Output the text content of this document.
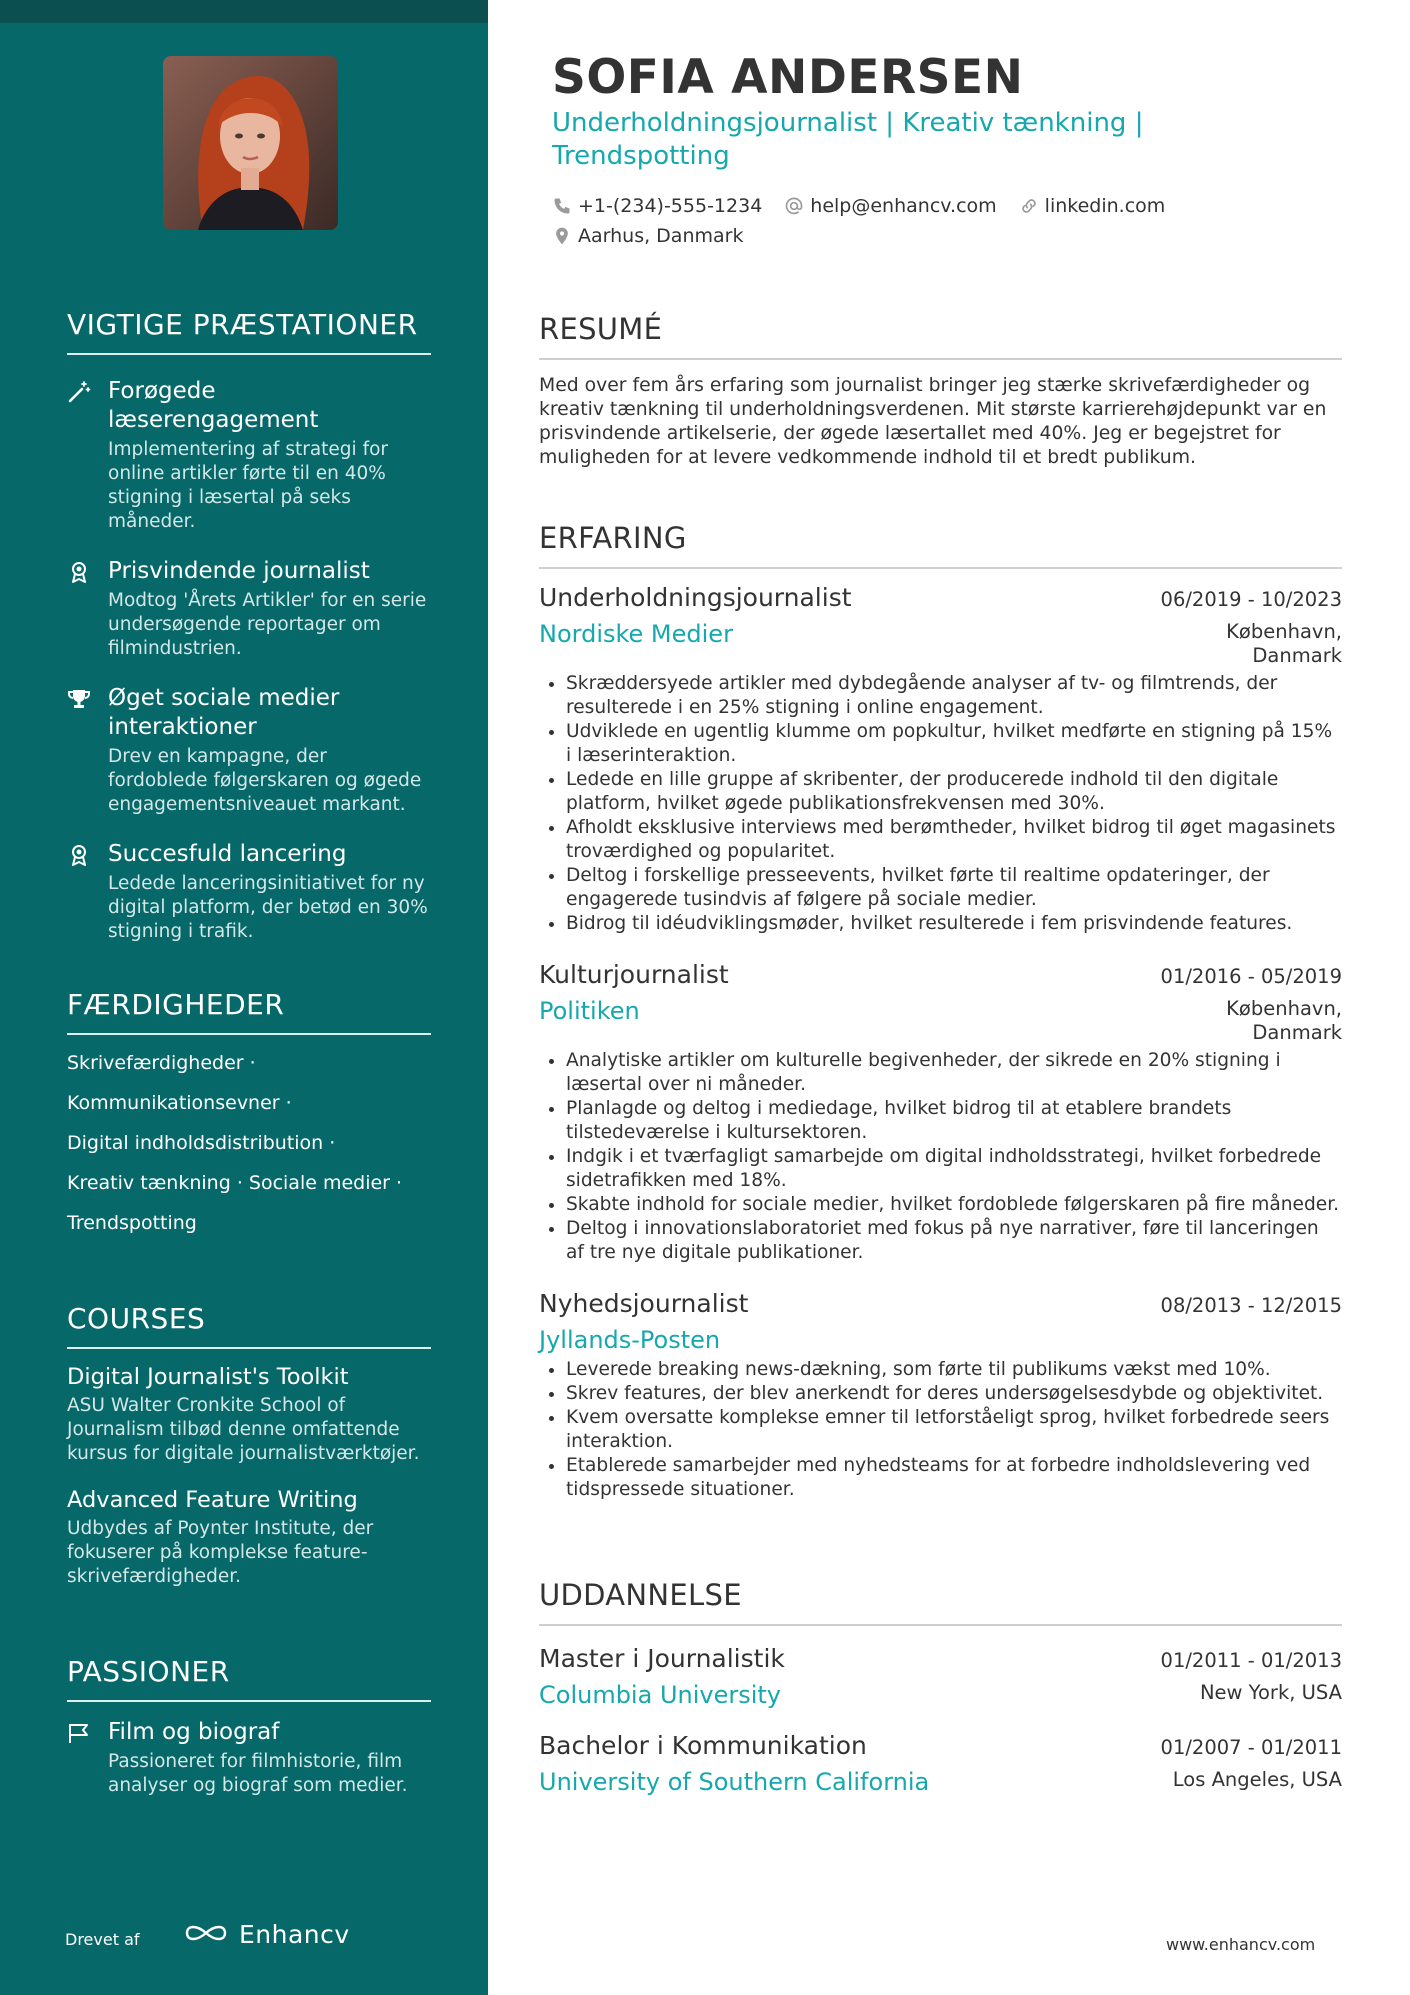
VIGTIGE PRÆSTATIONER
Forøgede læserengagement
Implementering af strategi for online artikler førte til en 40% stigning i læsertal på seks måneder.
Prisvindende journalist
Modtog 'Årets Artikler' for en serie undersøgende reportager om filmindustrien.
Øget sociale medier interaktioner
Drev en kampagne, der fordoblede følgerskaren og øgede engagementsniveauet markant.
Succesfuld lancering
Ledede lanceringsinitiativet for ny digital platform, der betød en 30% stigning i trafik.
FÆRDIGHEDER
Skrivefærdigheder ·
Kommunikationsevner ·
Digital indholdsdistribution ·
Kreativ tænkning · Sociale medier ·
Trendspotting
COURSES
Digital Journalist's Toolkit
ASU Walter Cronkite School of Journalism tilbød denne omfattende kursus for digitale journalistværktøjer.
Advanced Feature Writing
Udbydes af Poynter Institute, der fokuserer på komplekse feature-skrivefærdigheder.
PASSIONER
Film og biograf
Passioneret for filmhistorie, film analyser og biograf som medier.
Drevet af	Enhancv
SOFIA ANDERSEN
Underholdningsjournalist | Kreativ tænkning | Trendspotting
+1-(234)-555-1234	help@enhancv.com	linkedin.com
Aarhus, Danmark
RESUMÉ
Med over fem års erfaring som journalist bringer jeg stærke skrivefærdigheder og kreativ tænkning til underholdningsverdenen. Mit største karrierehøjdepunkt var en prisvindende artikelserie, der øgede læsertallet med 40%. Jeg er begejstret for muligheden for at levere vedkommende indhold til et bredt publikum.
ERFARING
Underholdningsjournalist	06/2019 - 10/2023
Nordiske Medier	København, Danmark
• Skræddersyede artikler med dybdegående analyser af tv- og filmtrends, der resulterede i en 25% stigning i online engagement.
• Udviklede en ugentlig klumme om popkultur, hvilket medførte en stigning på 15% i læserinteraktion.
• Ledede en lille gruppe af skribenter, der producerede indhold til den digitale platform, hvilket øgede publikationsfrekvensen med 30%.
• Afholdt eksklusive interviews med berømtheder, hvilket bidrog til øget magasinets troværdighed og popularitet.
• Deltog i forskellige presseevents, hvilket førte til realtime opdateringer, der engagerede tusindvis af følgere på sociale medier.
• Bidrog til idéudviklingsmøder, hvilket resulterede i fem prisvindende features.
Kulturjournalist	01/2016 - 05/2019
Politiken	København, Danmark
• Analytiske artikler om kulturelle begivenheder, der sikrede en 20% stigning i læsertal over ni måneder.
• Planlagde og deltog i mediedage, hvilket bidrog til at etablere brandets tilstedeværelse i kultursektoren.
• Indgik i et tværfagligt samarbejde om digital indholdsstrategi, hvilket forbedrede sidetrafikken med 18%.
• Skabte indhold for sociale medier, hvilket fordoblede følgerskaren på fire måneder.
• Deltog i innovationslaboratoriet med fokus på nye narrativer, føre til lanceringen af tre nye digitale publikationer.
Nyhedsjournalist	08/2013 - 12/2015
Jyllands-Posten
• Leverede breaking news-dækning, som førte til publikums vækst med 10%.
• Skrev features, der blev anerkendt for deres undersøgelsesdybde og objektivitet.
• Kvem oversatte komplekse emner til letforståeligt sprog, hvilket forbedrede seers interaktion.
• Etablerede samarbejder med nyhedsteams for at forbedre indholdslevering ved tidspressede situationer.
UDDANNELSE
Master i Journalistik	01/2011 - 01/2013
Columbia University	New York, USA
Bachelor i Kommunikation	01/2007 - 01/2011
University of Southern California	Los Angeles, USA
www.enhancv.com
